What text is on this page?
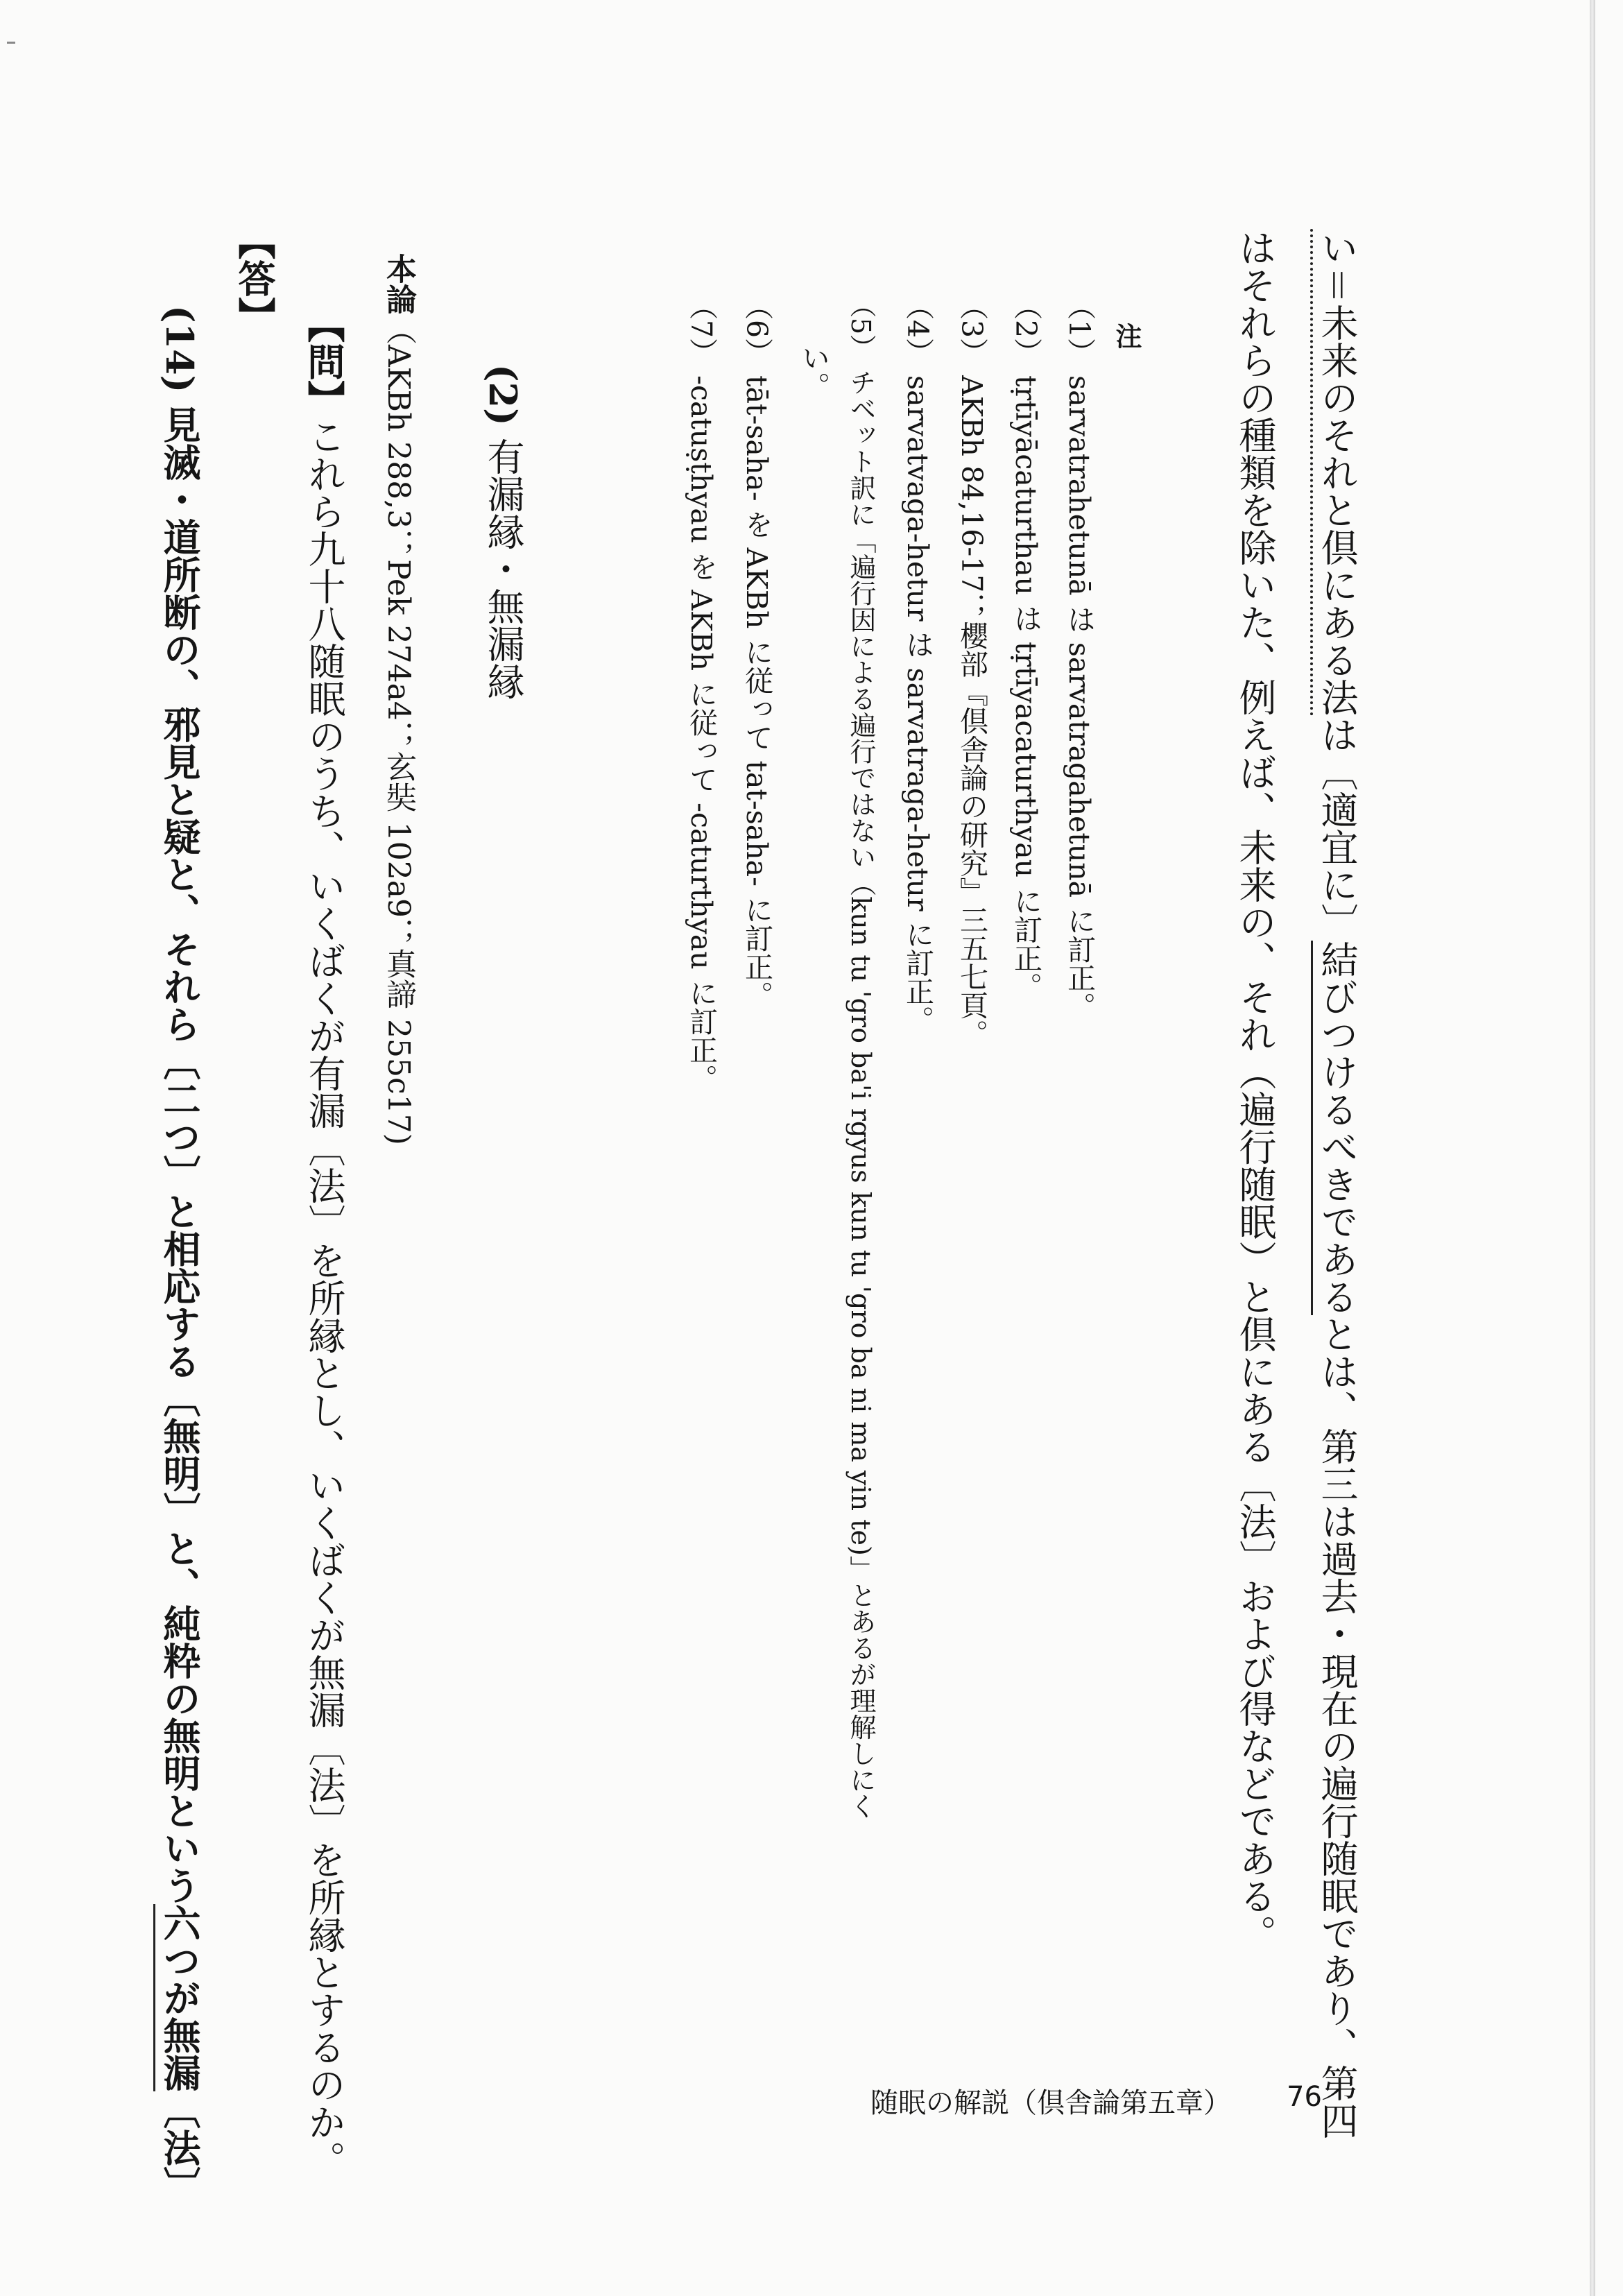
い＝未来のそれと倶にある法は〔適宜に〕結びつけるべきであるとは、第三は過去・現在の遍行随眠であり、第四
はそれらの種類を除いた、例えば、未来の、それ（遍行随眠）と倶にある〔法〕および得などである。
注
（1） sarvatrahetunā は sarvatragahetunā に訂正。
（2） tṛtīyācaturthau は tṛtīyacaturthyau に訂正。
（3） AKBh 84,16-17；櫻部『倶舎論の研究』三五七頁。
（4） sarvatvaga-hetur は sarvatraga-hetur に訂正。
（5） チベット訳に「遍行因による遍行ではない（kun tu 'gro ba'i rgyus kun tu 'gro ba ni ma yin te)」とあるが理解しにく
い。
（6） tāt-saha- を AKBh に従って tat-saha- に訂正。
（7） -catuṣṭhyau を AKBh に従って -caturthyau に訂正。
(2) 有漏縁・無漏縁
本論（AKBh 288,3；Pek 274a4；玄奘 102a9；真諦 255c17)
【問】これら九十八随眠のうち、いくばくが有漏〔法〕を所縁とし、いくばくが無漏〔法〕を所縁とするのか。
【答】
(14) 見滅・道所断の、邪見と疑と、それら〔二つ〕と相応する〔無明〕と、純粋の無明という六つが無漏〔法〕	随眠の解説（倶舎論第五章） 76
